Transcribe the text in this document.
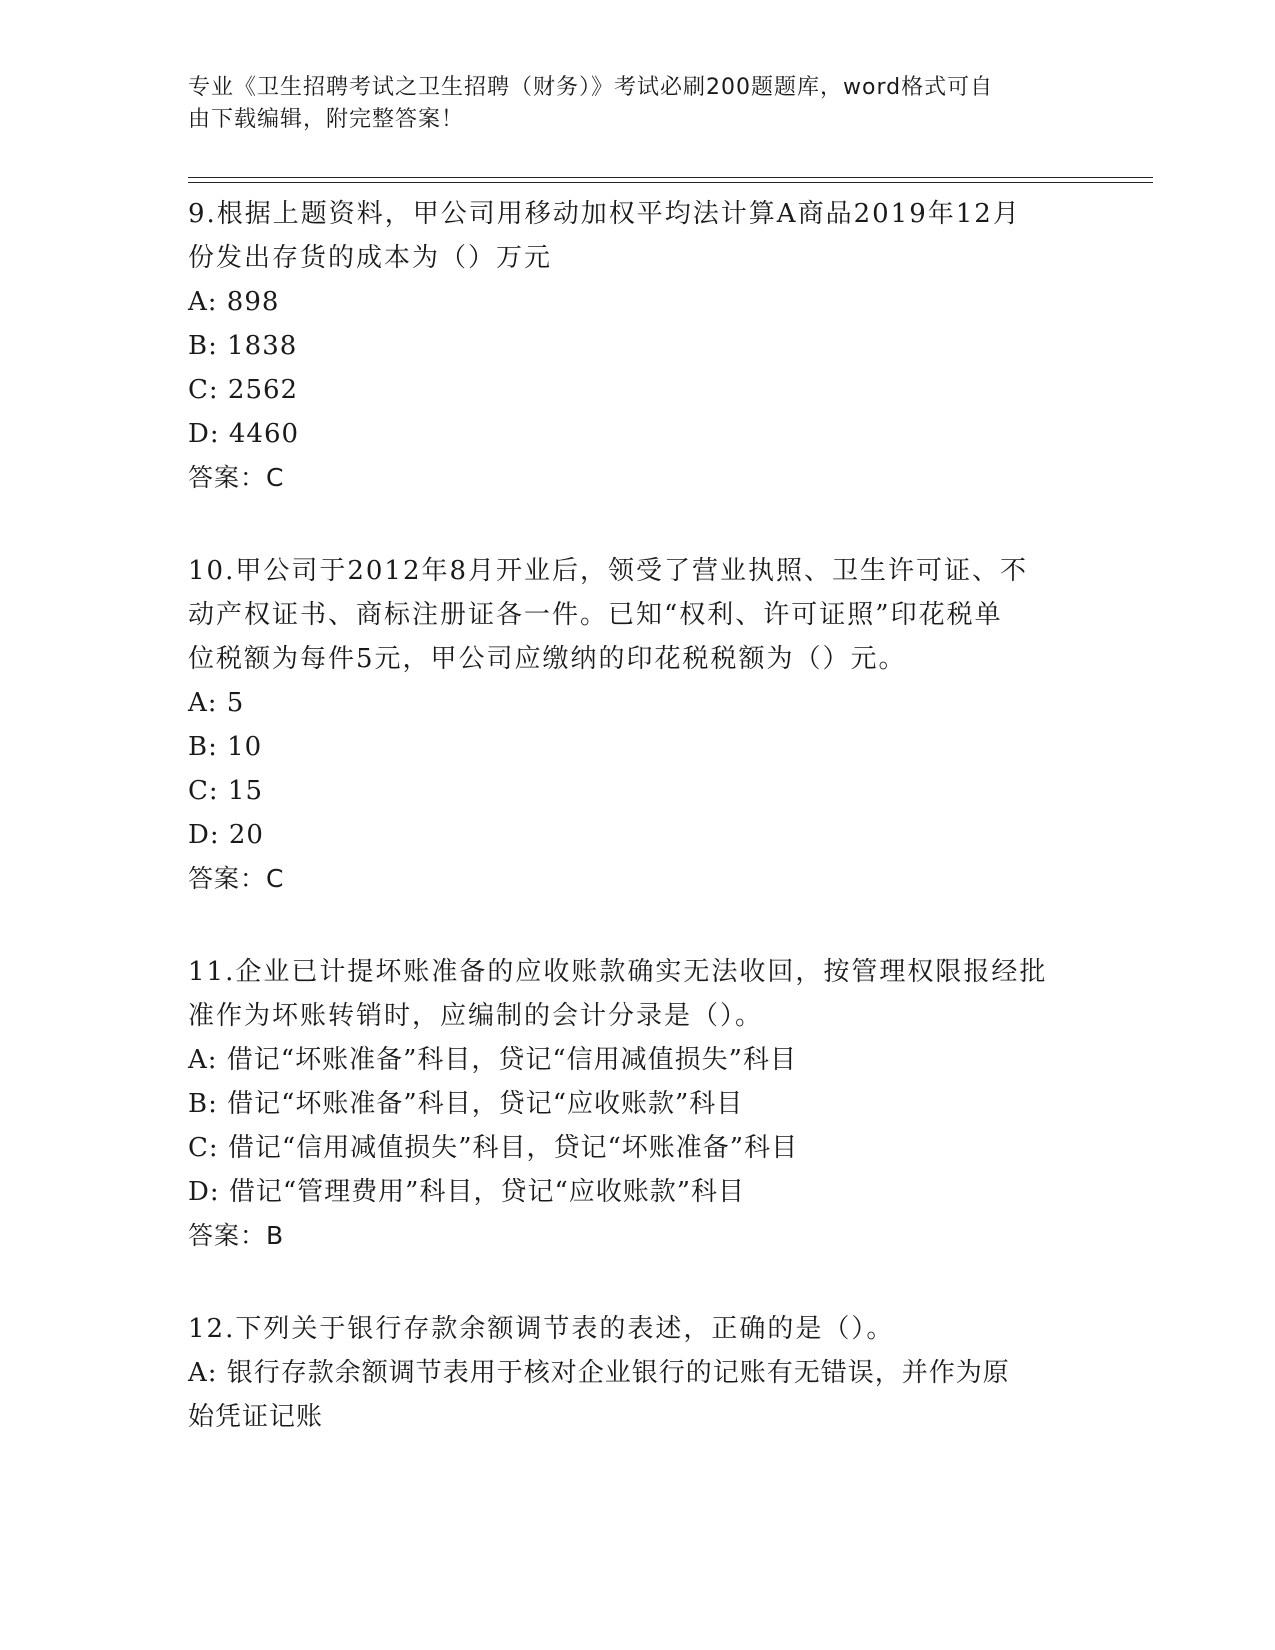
专业《卫生招聘考试之卫生招聘（财务）》考试必刷200题题库，word格式可自
由下载编辑，附完整答案！
9.根据上题资料，甲公司用移动加权平均法计算A商品2019年12月
份发出存货的成本为（）万元
A: 898
B: 1838
C: 2562
D: 4460
答案：C
10.甲公司于2012年8月开业后，领受了营业执照、卫生许可证、不
动产权证书、商标注册证各一件。已知“权利、许可证照”印花税单
位税额为每件5元，甲公司应缴纳的印花税税额为（）元。
A: 5
B: 10
C: 15
D: 20
答案：C
11.企业已计提坏账准备的应收账款确实无法收回，按管理权限报经批
准作为坏账转销时，应编制的会计分录是（）。
A: 借记“坏账准备”科目，贷记“信用减值损失”科目
B: 借记“坏账准备”科目，贷记“应收账款”科目
C: 借记“信用减值损失”科目，贷记“坏账准备”科目
D: 借记“管理费用”科目，贷记“应收账款”科目
答案：B
12.下列关于银行存款余额调节表的表述，正确的是（）。
A: 银行存款余额调节表用于核对企业银行的记账有无错误，并作为原
始凭证记账
